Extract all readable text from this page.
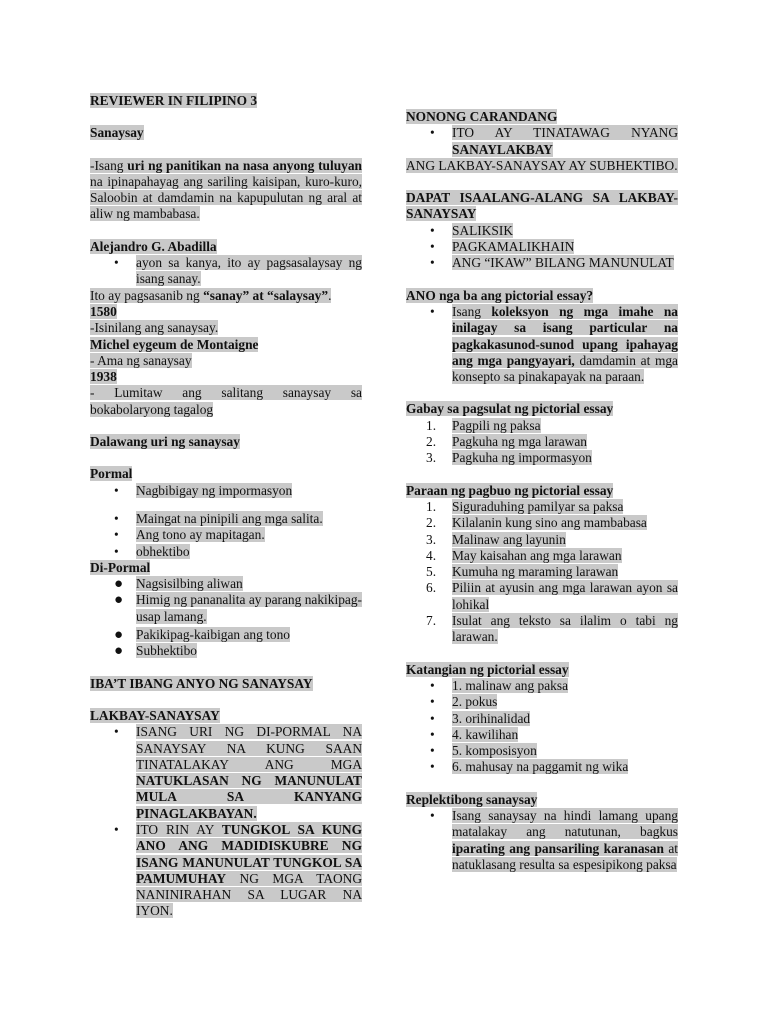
REVIEWER IN FILIPINO 3

Sanaysay

-Isang uri ng panitikan na nasa anyong tuluyan na ipinapahayag ang sariling kaisipan, kuro-kuro, Saloobin at damdamin na kapupulutan ng aral at aliw ng mambabasa.

Alejandro G. Abadilla

•	ayon sa kanya, ito ay pagsasalaysay ng isang sanay.

Ito ay pagsasanib ng “sanay” at “salaysay”.

1580

-Isinilang ang sanaysay.

Michel eygeum de Montaigne

- Ama ng sanaysay

1938

- Lumitaw ang salitang sanaysay sa bokabolaryong tagalog

Dalawang uri ng sanaysay

Pormal

•	Nagbibigay ng impormasyon
•	Maingat na pinipili ang mga salita.
•	Ang tono ay mapitagan.
•	obhektibo

Di-Pormal

● Nagsisilbing aliwan
● Himig ng pananalita ay parang nakikipag-usap lamang.
● Pakikipag-kaibigan ang tono
● Subhektibo

IBA’T IBANG ANYO NG SANAYSAY

LAKBAY-SANAYSAY

•	ISANG URI NG DI-PORMAL NA SANAYSAY NA KUNG SAAN TINATALAKAY ANG MGA NATUKLASAN NG MANUNULAT MULA SA KANYANG PINAGLAKBAYAN.
•	ITO RIN AY TUNGKOL SA KUNG ANO ANG MADIDISKUBRE NG ISANG MANUNULAT TUNGKOL SA PAMUMUHAY NG MGA TAONG NANINIRAHAN SA LUGAR NA IYON.

NONONG CARANDANG

•	ITO AY TINATAWAG NYANG SANAYLAKBAY

ANG LAKBAY-SANAYSAY AY SUBHEKTIBO.

DAPAT ISAALANG-ALANG SA LAKBAY-SANAYSAY

•	SALIKSIK
•	PAGKAMALIKHAIN
•	ANG “IKAW” BILANG MANUNULAT

ANO nga ba ang pictorial essay?

•	Isang koleksyon ng mga imahe na inilagay sa isang particular na pagkakasunod-sunod upang ipahayag ang mga pangyayari, damdamin at mga konsepto sa pinakapayak na paraan.

Gabay sa pagsulat ng pictorial essay

1.	Pagpili ng paksa
2.	Pagkuha ng mga larawan
3.	Pagkuha ng impormasyon

Paraan ng pagbuo ng pictorial essay

1.	Siguraduhing pamilyar sa paksa
2.	Kilalanin kung sino ang mambabasa
3.	Malinaw ang layunin
4.	May kaisahan ang mga larawan
5.	Kumuha ng maraming larawan
6.	Piliin at ayusin ang mga larawan ayon sa lohikal
7.	Isulat ang teksto sa ilalim o tabi ng larawan.

Katangian ng pictorial essay

•	1. malinaw ang paksa
•	2. pokus
•	3. orihinalidad
•	4. kawilihan
•	5. komposisyon
•	6. mahusay na paggamit ng wika

Replektibong sanaysay

•	Isang sanaysay na hindi lamang upang matalakay ang natutunan, bagkus iparating ang pansariling karanasan at natuklasang resulta sa espesipikong paksa
